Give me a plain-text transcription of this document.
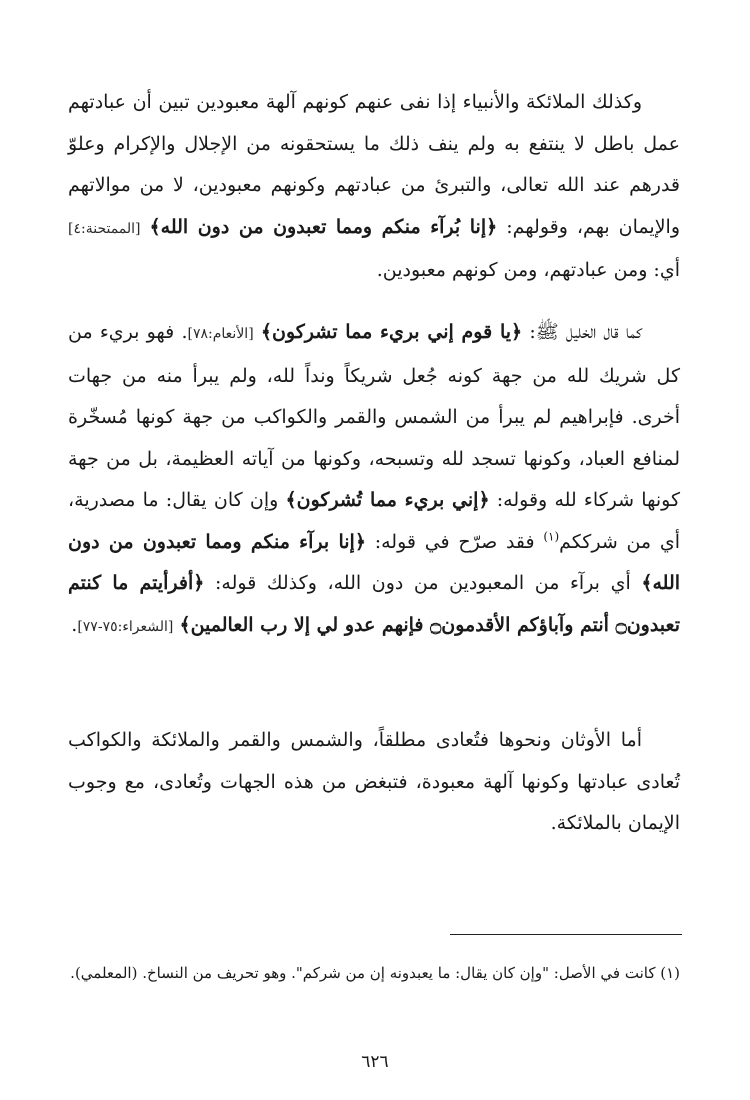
وكذلك الملائكة والأنبياء إذا نفى عنهم كونهم آلهة معبودين تبين أن عبادتهم عمل باطل لا ينتفع به ولم ينف ذلك ما يستحقونه من الإجلال والإكرام وعلوّ قدرهم عند الله تعالى، والتبرئ من عبادتهم وكونهم معبودين، لا من موالاتهم والإيمان بهم، وقولهم: ﴿إنا بُرآء منكم ومما تعبدون من دون الله﴾ [الممتحنة:٤] أي: ومن عبادتهم، ومن كونهم معبودين.

كما قال الخليل ﷺ: ﴿يا قوم إني بريء مما تشركون﴾ [الأنعام:٧٨]. فهو بريء من كل شريك لله من جهة كونه جُعل شريكاً ونداً لله، ولم يبرأ منه من جهات أخرى. فإبراهيم لم يبرأ من الشمس والقمر والكواكب من جهة كونها مُسخّرة لمنافع العباد، وكونها تسجد لله وتسبحه، وكونها من آياته العظيمة، بل من جهة كونها شركاء لله وقوله: ﴿إني بريء مما تُشركون﴾ وإن كان يقال: ما مصدرية، أي من شرككم$^{(١)}$ فقد صرّح في قوله: ﴿إنا برآء منكم ومما تعبدون من دون الله﴾ أي برآء من المعبودين من دون الله، وكذلك قوله: ﴿أفرأيتم ما كنتم تعبدون۝ أنتم وآباؤكم الأقدمون۝ فإنهم عدو لي إلا رب العالمين﴾ [الشعراء:٧٥-٧٧].

أما الأوثان ونحوها فتُعادى مطلقاً، والشمس والقمر والملائكة والكواكب تُعادى عبادتها وكونها آلهة معبودة، فتبغض من هذه الجهات وتُعادى، مع وجوب الإيمان بالملائكة.

(١) كانت في الأصل: "وإن كان يقال: ما يعبدونه إن من شركم". وهو تحريف من النساخ. (المعلمي).
٦٢٦
